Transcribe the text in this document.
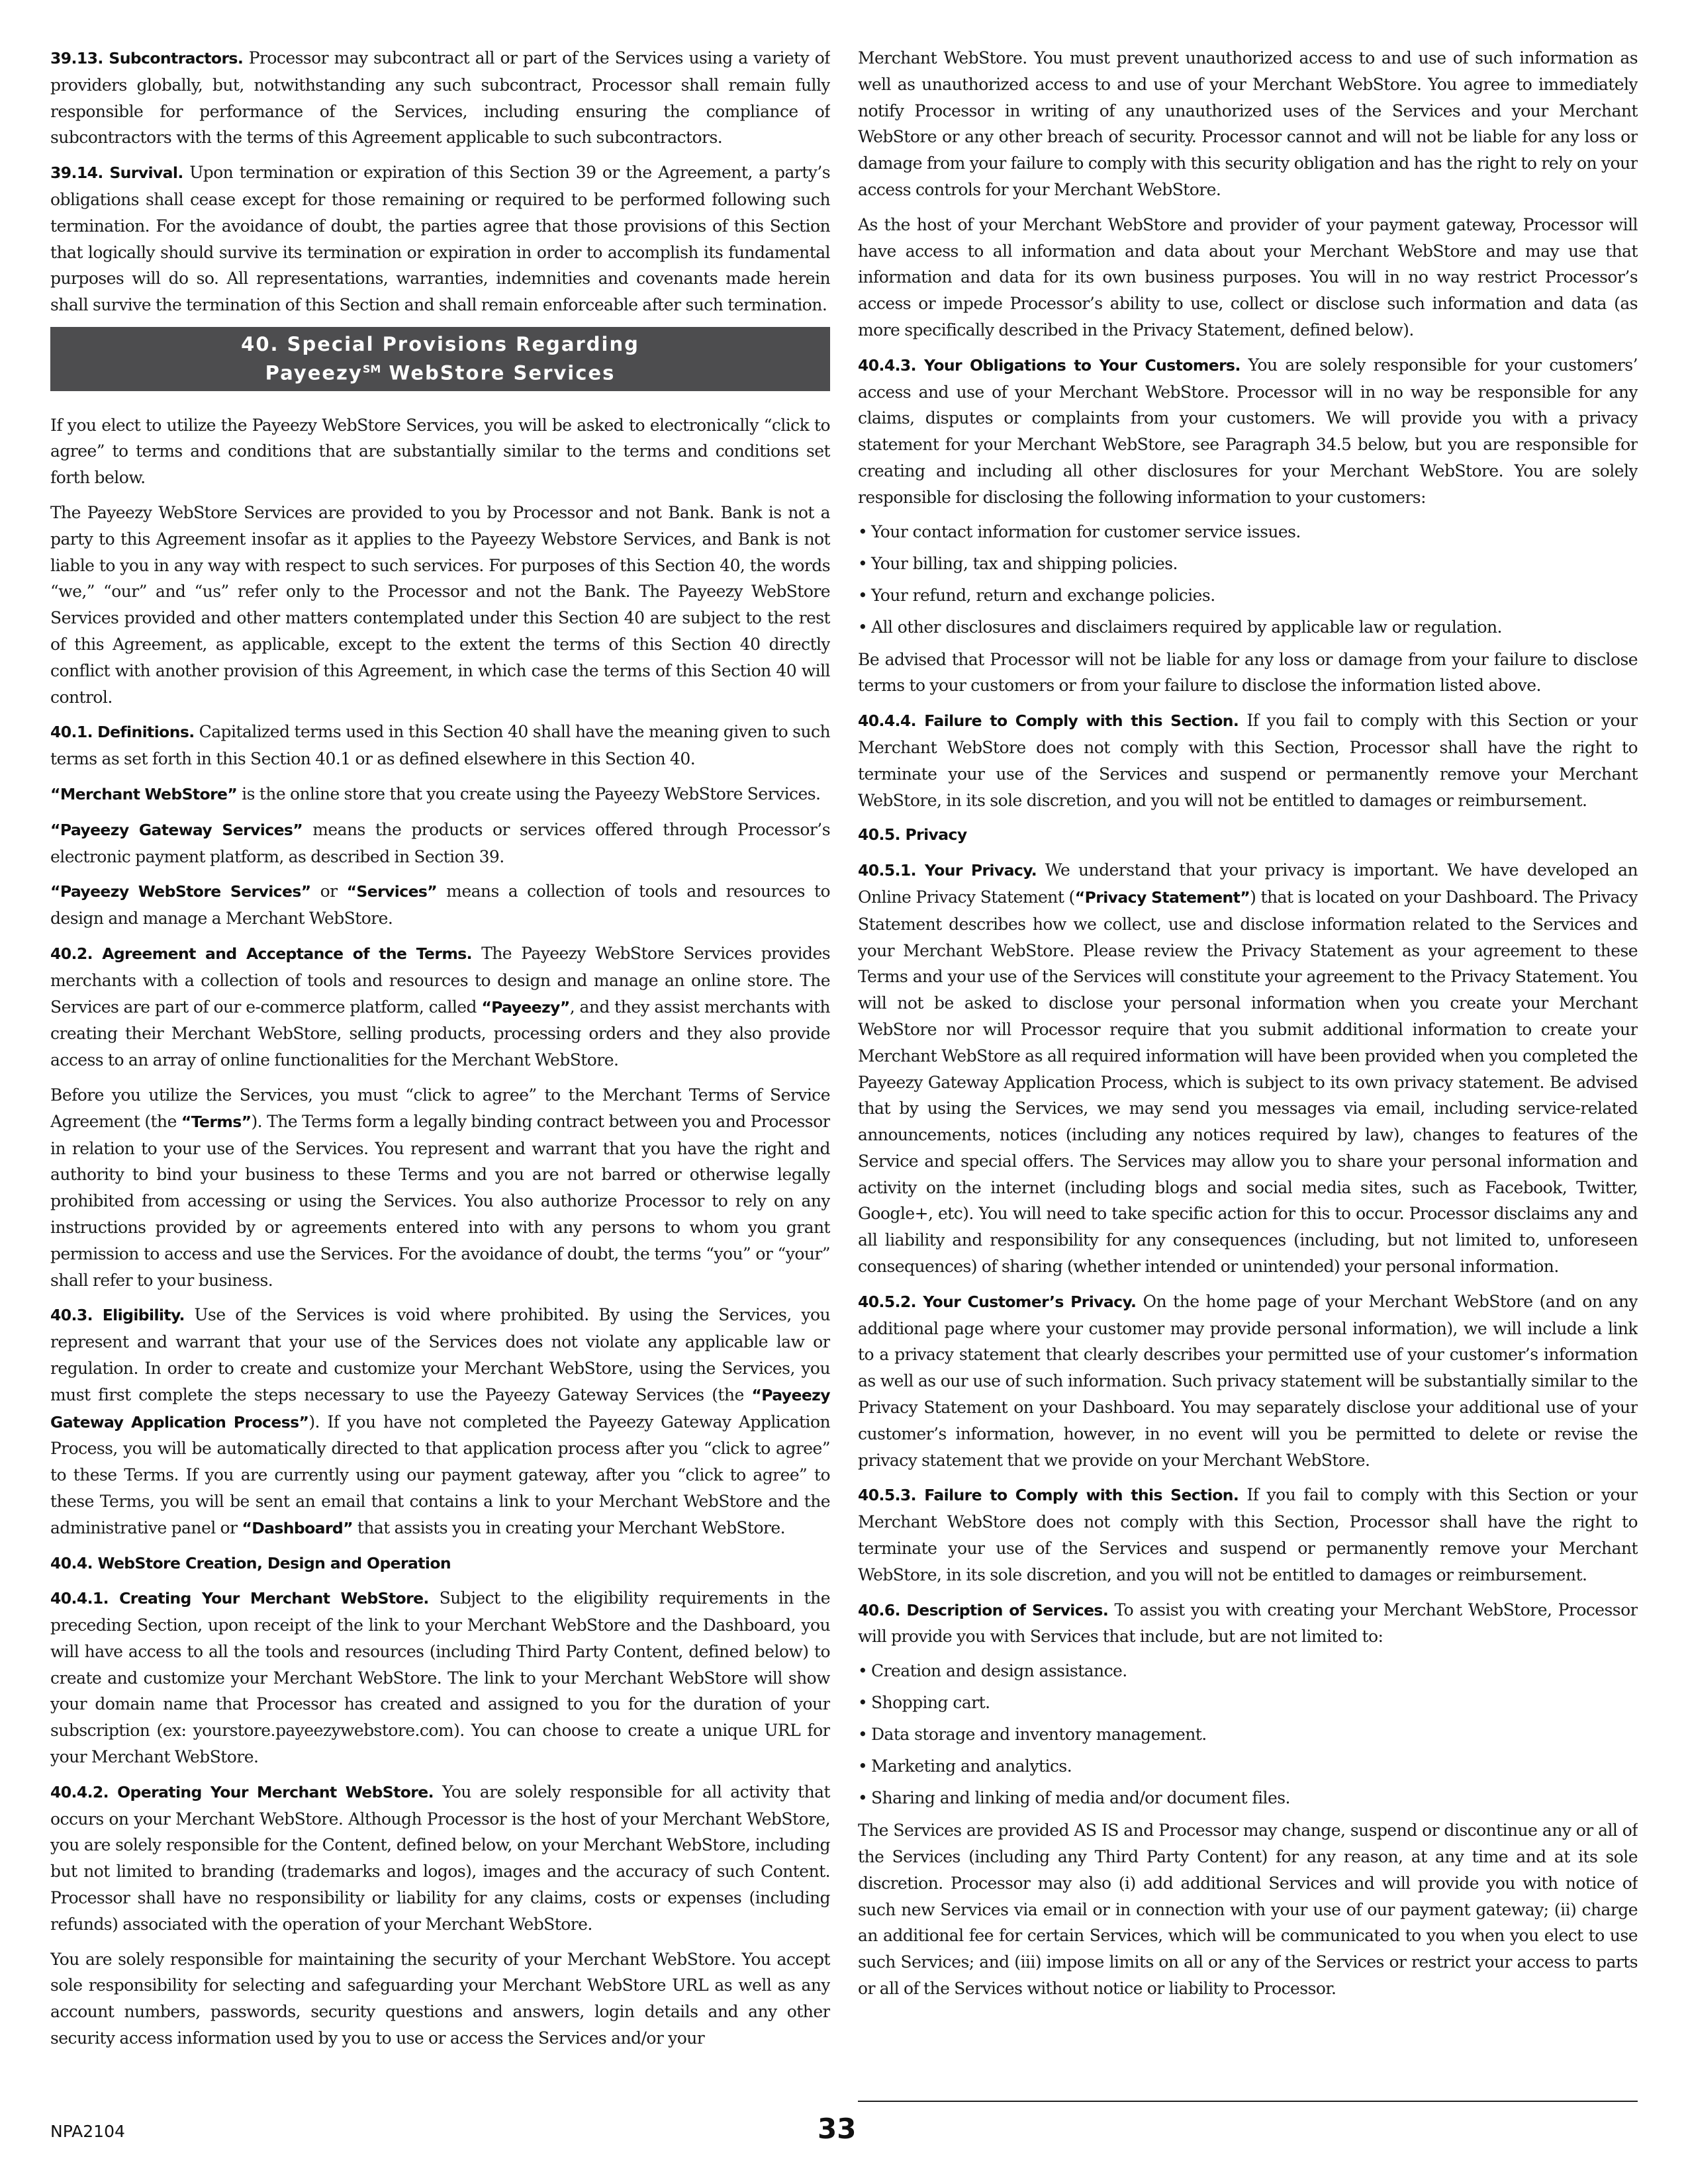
39.13. Subcontractors. Processor may subcontract all or part of the Services using a variety of providers globally, but, notwithstanding any such subcontract, Processor shall remain fully responsible for performance of the Services, including ensuring the compliance of subcontractors with the terms of this Agreement applicable to such subcontractors.

39.14. Survival. Upon termination or expiration of this Section 39 or the Agreement, a party’s obligations shall cease except for those remaining or required to be performed following such termination. For the avoidance of doubt, the parties agree that those provisions of this Section that logically should survive its termination or expiration in order to accomplish its fundamental purposes will do so. All representations, warranties, indemnities and covenants made herein shall survive the termination of this Section and shall remain enforceable after such termination.

40. Special Provisions Regarding
Payeezy℠ WebStore Services

If you elect to utilize the Payeezy WebStore Services, you will be asked to electronically “click to agree” to terms and conditions that are substantially similar to the terms and conditions set forth below.

The Payeezy WebStore Services are provided to you by Processor and not Bank. Bank is not a party to this Agreement insofar as it applies to the Payeezy Webstore Services, and Bank is not liable to you in any way with respect to such services. For purposes of this Section 40, the words “we,” “our” and “us” refer only to the Processor and not the Bank. The Payeezy WebStore Services provided and other matters contemplated under this Section 40 are subject to the rest of this Agreement, as applicable, except to the extent the terms of this Section 40 directly conflict with another provision of this Agreement, in which case the terms of this Section 40 will control.

40.1. Definitions. Capitalized terms used in this Section 40 shall have the meaning given to such terms as set forth in this Section 40.1 or as defined elsewhere in this Section 40.

“Merchant WebStore” is the online store that you create using the Payeezy WebStore Services.

“Payeezy Gateway Services” means the products or services offered through Processor’s electronic payment platform, as described in Section 39.

“Payeezy WebStore Services” or “Services” means a collection of tools and resources to design and manage a Merchant WebStore.

40.2. Agreement and Acceptance of the Terms. The Payeezy WebStore Services provides merchants with a collection of tools and resources to design and manage an online store. The Services are part of our e-commerce platform, called “Payeezy”, and they assist merchants with creating their Merchant WebStore, selling products, processing orders and they also provide access to an array of online functionalities for the Merchant WebStore.

Before you utilize the Services, you must “click to agree” to the Merchant Terms of Service Agreement (the “Terms”). The Terms form a legally binding contract between you and Processor in relation to your use of the Services. You represent and warrant that you have the right and authority to bind your business to these Terms and you are not barred or otherwise legally prohibited from accessing or using the Services. You also authorize Processor to rely on any instructions provided by or agreements entered into with any persons to whom you grant permission to access and use the Services. For the avoidance of doubt, the terms “you” or “your” shall refer to your business.

40.3. Eligibility. Use of the Services is void where prohibited. By using the Services, you represent and warrant that your use of the Services does not violate any applicable law or regulation. In order to create and customize your Merchant WebStore, using the Services, you must first complete the steps necessary to use the Payeezy Gateway Services (the “Payeezy Gateway Application Process”). If you have not completed the Payeezy Gateway Application Process, you will be automatically directed to that application process after you “click to agree” to these Terms. If you are currently using our payment gateway, after you “click to agree” to these Terms, you will be sent an email that contains a link to your Merchant WebStore and the administrative panel or “Dashboard” that assists you in creating your Merchant WebStore.

40.4. WebStore Creation, Design and Operation

40.4.1. Creating Your Merchant WebStore. Subject to the eligibility requirements in the preceding Section, upon receipt of the link to your Merchant WebStore and the Dashboard, you will have access to all the tools and resources (including Third Party Content, defined below) to create and customize your Merchant WebStore. The link to your Merchant WebStore will show your domain name that Processor has created and assigned to you for the duration of your subscription (ex: yourstore.payeezywebstore.com). You can choose to create a unique URL for your Merchant WebStore.

40.4.2. Operating Your Merchant WebStore. You are solely responsible for all activity that occurs on your Merchant WebStore. Although Processor is the host of your Merchant WebStore, you are solely responsible for the Content, defined below, on your Merchant WebStore, including but not limited to branding (trademarks and logos), images and the accuracy of such Content. Processor shall have no responsibility or liability for any claims, costs or expenses (including refunds) associated with the operation of your Merchant WebStore.

You are solely responsible for maintaining the security of your Merchant WebStore. You accept sole responsibility for selecting and safeguarding your Merchant WebStore URL as well as any account numbers, passwords, security questions and answers, login details and any other security access information used by you to use or access the Services and/or your

Merchant WebStore. You must prevent unauthorized access to and use of such information as well as unauthorized access to and use of your Merchant WebStore. You agree to immediately notify Processor in writing of any unauthorized uses of the Services and your Merchant WebStore or any other breach of security. Processor cannot and will not be liable for any loss or damage from your failure to comply with this security obligation and has the right to rely on your access controls for your Merchant WebStore.

As the host of your Merchant WebStore and provider of your payment gateway, Processor will have access to all information and data about your Merchant WebStore and may use that information and data for its own business purposes. You will in no way restrict Processor’s access or impede Processor’s ability to use, collect or disclose such information and data (as more specifically described in the Privacy Statement, defined below).

40.4.3. Your Obligations to Your Customers. You are solely responsible for your customers’ access and use of your Merchant WebStore. Processor will in no way be responsible for any claims, disputes or complaints from your customers. We will provide you with a privacy statement for your Merchant WebStore, see Paragraph 34.5 below, but you are responsible for creating and including all other disclosures for your Merchant WebStore. You are solely responsible for disclosing the following information to your customers:

• Your contact information for customer service issues.
• Your billing, tax and shipping policies.
• Your refund, return and exchange policies.
• All other disclosures and disclaimers required by applicable law or regulation.

Be advised that Processor will not be liable for any loss or damage from your failure to disclose terms to your customers or from your failure to disclose the information listed above.

40.4.4. Failure to Comply with this Section. If you fail to comply with this Section or your Merchant WebStore does not comply with this Section, Processor shall have the right to terminate your use of the Services and suspend or permanently remove your Merchant WebStore, in its sole discretion, and you will not be entitled to damages or reimbursement.

40.5. Privacy

40.5.1. Your Privacy. We understand that your privacy is important. We have developed an Online Privacy Statement (“Privacy Statement”) that is located on your Dashboard. The Privacy Statement describes how we collect, use and disclose information related to the Services and your Merchant WebStore. Please review the Privacy Statement as your agreement to these Terms and your use of the Services will constitute your agreement to the Privacy Statement. You will not be asked to disclose your personal information when you create your Merchant WebStore nor will Processor require that you submit additional information to create your Merchant WebStore as all required information will have been provided when you completed the Payeezy Gateway Application Process, which is subject to its own privacy statement. Be advised that by using the Services, we may send you messages via email, including service-related announcements, notices (including any notices required by law), changes to features of the Service and special offers. The Services may allow you to share your personal information and activity on the internet (including blogs and social media sites, such as Facebook, Twitter, Google+, etc). You will need to take specific action for this to occur. Processor disclaims any and all liability and responsibility for any consequences (including, but not limited to, unforeseen consequences) of sharing (whether intended or unintended) your personal information.

40.5.2. Your Customer’s Privacy. On the home page of your Merchant WebStore (and on any additional page where your customer may provide personal information), we will include a link to a privacy statement that clearly describes your permitted use of your customer’s information as well as our use of such information. Such privacy statement will be substantially similar to the Privacy Statement on your Dashboard. You may separately disclose your additional use of your customer’s information, however, in no event will you be permitted to delete or revise the privacy statement that we provide on your Merchant WebStore.

40.5.3. Failure to Comply with this Section. If you fail to comply with this Section or your Merchant WebStore does not comply with this Section, Processor shall have the right to terminate your use of the Services and suspend or permanently remove your Merchant WebStore, in its sole discretion, and you will not be entitled to damages or reimbursement.

40.6. Description of Services. To assist you with creating your Merchant WebStore, Processor will provide you with Services that include, but are not limited to:

• Creation and design assistance.
• Shopping cart.
• Data storage and inventory management.
• Marketing and analytics.
• Sharing and linking of media and/or document files.

The Services are provided AS IS and Processor may change, suspend or discontinue any or all of the Services (including any Third Party Content) for any reason, at any time and at its sole discretion. Processor may also (i) add additional Services and will provide you with notice of such new Services via email or in connection with your use of our payment gateway; (ii) charge an additional fee for certain Services, which will be communicated to you when you elect to use such Services; and (iii) impose limits on all or any of the Services or restrict your access to parts or all of the Services without notice or liability to Processor.

NPA2104	33
